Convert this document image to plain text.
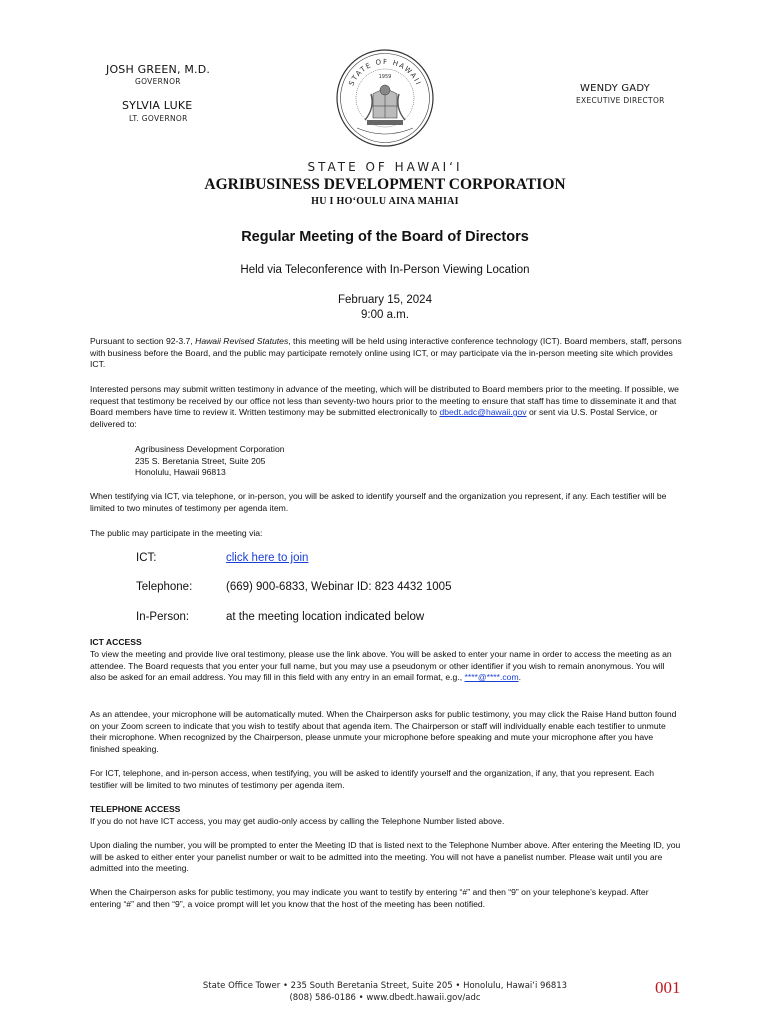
JOSH GREEN, M.D.
GOVERNOR
SYLVIA LUKE
LT. GOVERNOR
STATE OF HAWAII
1959
WENDY GADY
EXECUTIVE DIRECTOR
STATE OF HAWAIʻI
AGRIBUSINESS DEVELOPMENT CORPORATION
HU I HOʻOULU AINA MAHIAI
Regular Meeting of the Board of Directors
Held via Teleconference with In-Person Viewing Location
February 15, 2024
9:00 a.m.

Pursuant to section 92-3.7, Hawaii Revised Statutes, this meeting will be held using interactive conference technology (ICT). Board members, staff, persons with business before the Board, and the public may participate remotely online using ICT, or may participate via the in-person meeting site which provides ICT.

Interested persons may submit written testimony in advance of the meeting, which will be distributed to Board members prior to the meeting. If possible, we request that testimony be received by our office not less than seventy-two hours prior to the meeting to ensure that staff has time to disseminate it and that Board members have time to review it. Written testimony may be submitted electronically to dbedt.adc@hawaii.gov or sent via U.S. Postal Service, or delivered to:

Agribusiness Development Corporation
235 S. Beretania Street, Suite 205
Honolulu, Hawaii 96813

When testifying via ICT, via telephone, or in-person, you will be asked to identify yourself and the organization you represent, if any. Each testifier will be limited to two minutes of testimony per agenda item.

The public may participate in the meeting via:

ICT:	click here to join
Telephone:	(669) 900-6833, Webinar ID: 823 4432 1005
In-Person:	at the meeting location indicated below
ICT ACCESS

To view the meeting and provide live oral testimony, please use the link above. You will be asked to enter your name in order to access the meeting as an attendee. The Board requests that you enter your full name, but you may use a pseudonym or other identifier if you wish to remain anonymous. You will also be asked for an email address. You may fill in this field with any entry in an email format, e.g., ****@****.com.

As an attendee, your microphone will be automatically muted. When the Chairperson asks for public testimony, you may click the Raise Hand button found on your Zoom screen to indicate that you wish to testify about that agenda item. The Chairperson or staff will individually enable each testifier to unmute their microphone. When recognized by the Chairperson, please unmute your microphone before speaking and mute your microphone after you have finished speaking.

For ICT, telephone, and in-person access, when testifying, you will be asked to identify yourself and the organization, if any, that you represent. Each testifier will be limited to two minutes of testimony per agenda item.

TELEPHONE ACCESS

If you do not have ICT access, you may get audio-only access by calling the Telephone Number listed above.

Upon dialing the number, you will be prompted to enter the Meeting ID that is listed next to the Telephone Number above. After entering the Meeting ID, you will be asked to either enter your panelist number or wait to be admitted into the meeting. You will not have a panelist number. Please wait until you are admitted into the meeting.

When the Chairperson asks for public testimony, you may indicate you want to testify by entering “#” and then “9” on your telephone’s keypad. After entering “#” and then “9”, a voice prompt will let you know that the host of the meeting has been notified.

State Office Tower • 235 South Beretania Street, Suite 205 • Honolulu, Hawaiʻi 96813
(808) 586-0186 • www.dbedt.hawaii.gov/adc
001
